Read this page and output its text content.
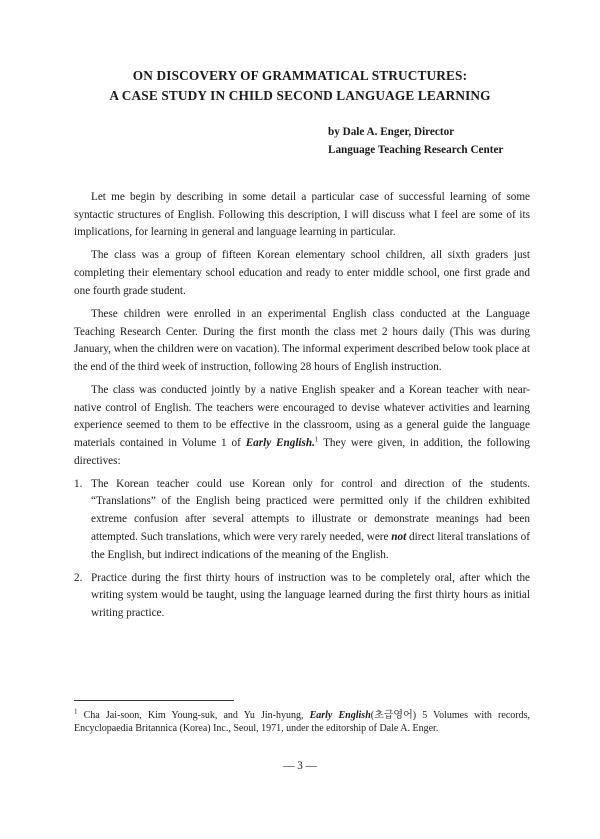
ON DISCOVERY OF GRAMMATICAL STRUCTURES:
A CASE STUDY IN CHILD SECOND LANGUAGE LEARNING
by Dale A. Enger, Director
Language Teaching Research Center

Let me begin by describing in some detail a particular case of successful learning of some syntactic structures of English. Following this description, I will discuss what I feel are some of its implications, for learning in general and language learning in particular.

The class was a group of fifteen Korean elementary school children, all sixth graders just completing their elementary school education and ready to enter middle school, one first grade and one fourth grade student.

These children were enrolled in an experimental English class conducted at the Language Teaching Research Center. During the first month the class met 2 hours daily (This was during January, when the children were on vacation). The informal experiment described below took place at the end of the third week of instruction, following 28 hours of English instruction.

The class was conducted jointly by a native English speaker and a Korean teacher with near-native control of English. The teachers were encouraged to devise whatever activities and learning experience seemed to them to be effective in the classroom, using as a general guide the language materials contained in Volume 1 of Early English.$^1$ They were given, in addition, the following directives:

1. The Korean teacher could use Korean only for control and direction of the students. “Translations” of the English being practiced were permitted only if the children exhibited extreme confusion after several attempts to illustrate or demonstrate meanings had been attempted. Such translations, which were very rarely needed, were not direct literal translations of the English, but indirect indications of the meaning of the English.
2. Practice during the first thirty hours of instruction was to be completely oral, after which the writing system would be taught, using the language learned during the first thirty hours as initial writing practice.
$^1$ Cha Jai-soon, Kim Young-suk, and Yu Jin-hyung, Early English(초급영어) 5 Volumes with records, Encyclopaedia Britannica (Korea) Inc., Seoul, 1971, under the editorship of Dale A. Enger.
— 3 —
